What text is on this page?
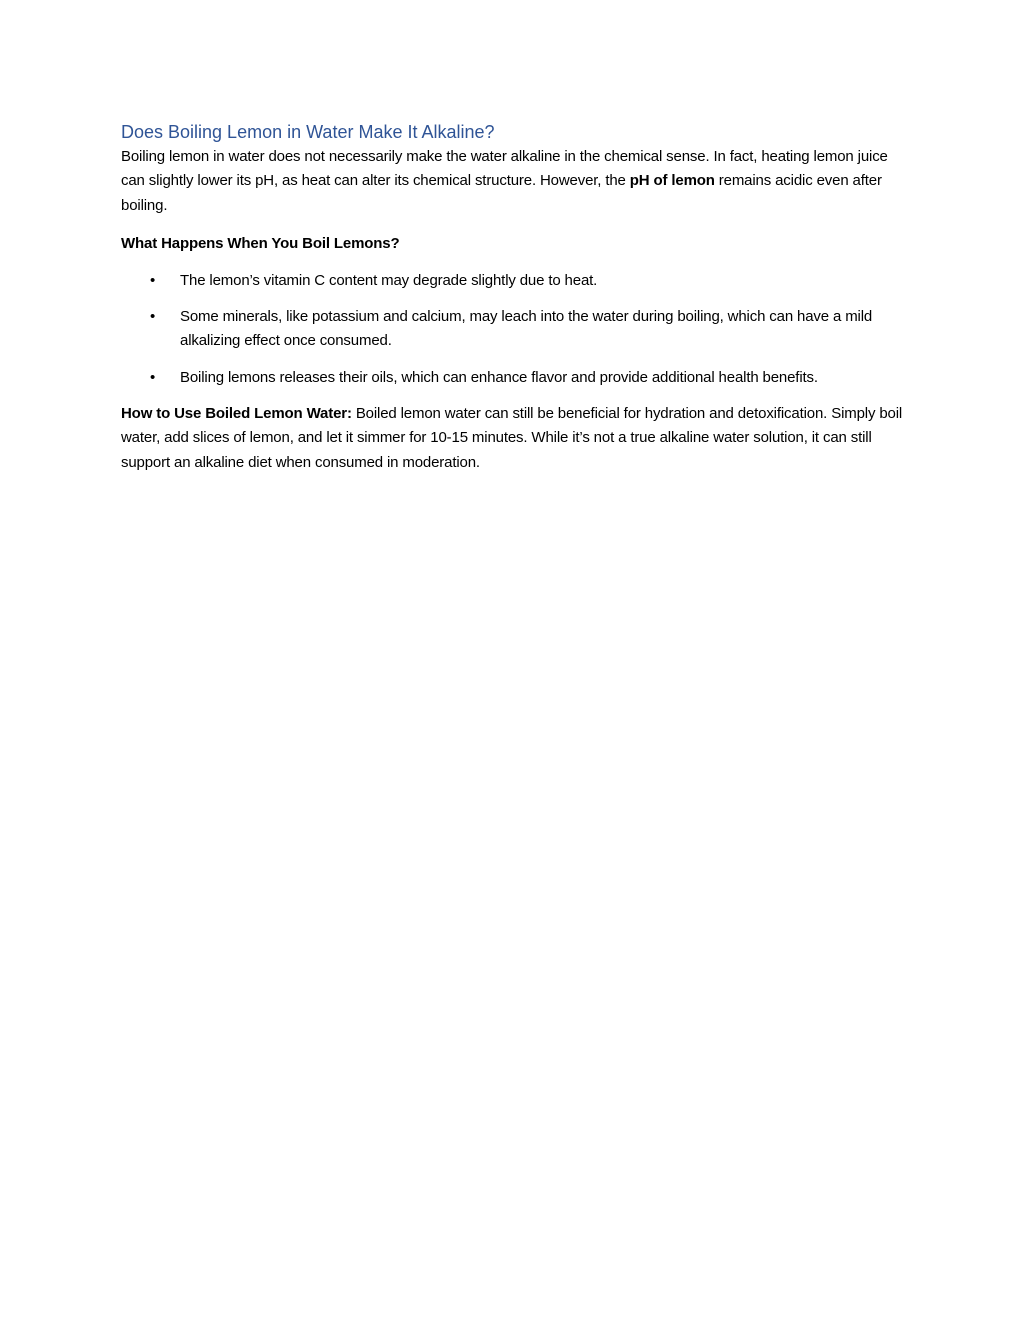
Does Boiling Lemon in Water Make It Alkaline?

Boiling lemon in water does not necessarily make the water alkaline in the chemical sense. In fact, heating lemon juice can slightly lower its pH, as heat can alter its chemical structure. However, the pH of lemon remains acidic even after boiling.

What Happens When You Boil Lemons?

• The lemon’s vitamin C content may degrade slightly due to heat.
• Some minerals, like potassium and calcium, may leach into the water during boiling, which can have a mild alkalizing effect once consumed.
• Boiling lemons releases their oils, which can enhance flavor and provide additional health benefits.

How to Use Boiled Lemon Water: Boiled lemon water can still be beneficial for hydration and detoxification. Simply boil water, add slices of lemon, and let it simmer for 10-15 minutes. While it’s not a true alkaline water solution, it can still support an alkaline diet when consumed in moderation.
